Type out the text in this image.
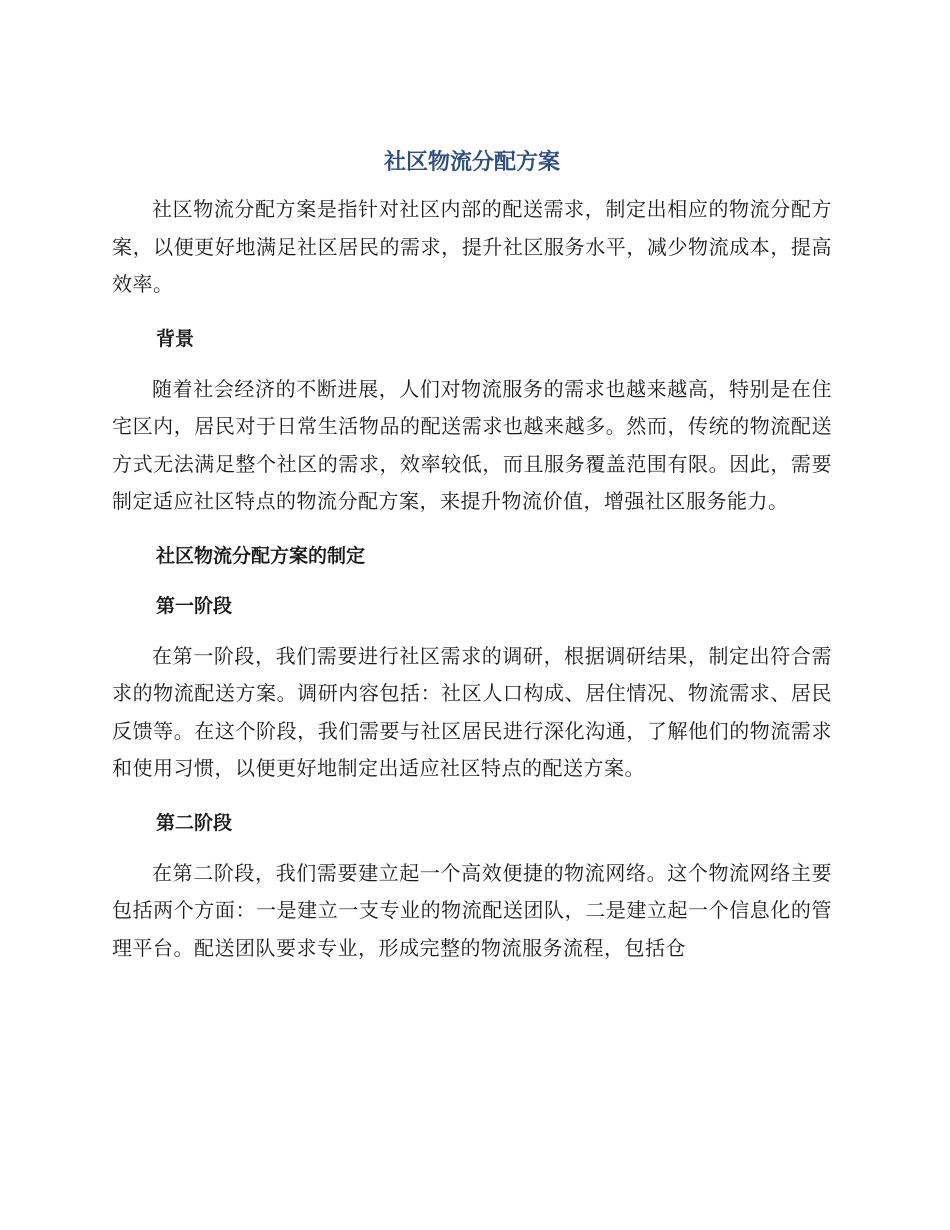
社区物流分配方案

社区物流分配方案是指针对社区内部的配送需求，制定出相应的物流分配方案，以便更好地满足社区居民的需求，提升社区服务水平，减少物流成本，提高效率。

背景

随着社会经济的不断进展，人们对物流服务的需求也越来越高，特别是在住宅区内，居民对于日常生活物品的配送需求也越来越多。然而，传统的物流配送方式无法满足整个社区的需求，效率较低，而且服务覆盖范围有限。因此，需要制定适应社区特点的物流分配方案，来提升物流价值，增强社区服务能力。

社区物流分配方案的制定
第一阶段

在第一阶段，我们需要进行社区需求的调研，根据调研结果，制定出符合需求的物流配送方案。调研内容包括：社区人口构成、居住情况、物流需求、居民反馈等。在这个阶段，我们需要与社区居民进行深化沟通，了解他们的物流需求和使用习惯，以便更好地制定出适应社区特点的配送方案。

第二阶段

在第二阶段，我们需要建立起一个高效便捷的物流网络。这个物流网络主要包括两个方面：一是建立一支专业的物流配送团队，二是建立起一个信息化的管理平台。配送团队要求专业，形成完整的物流服务流程，包括仓
